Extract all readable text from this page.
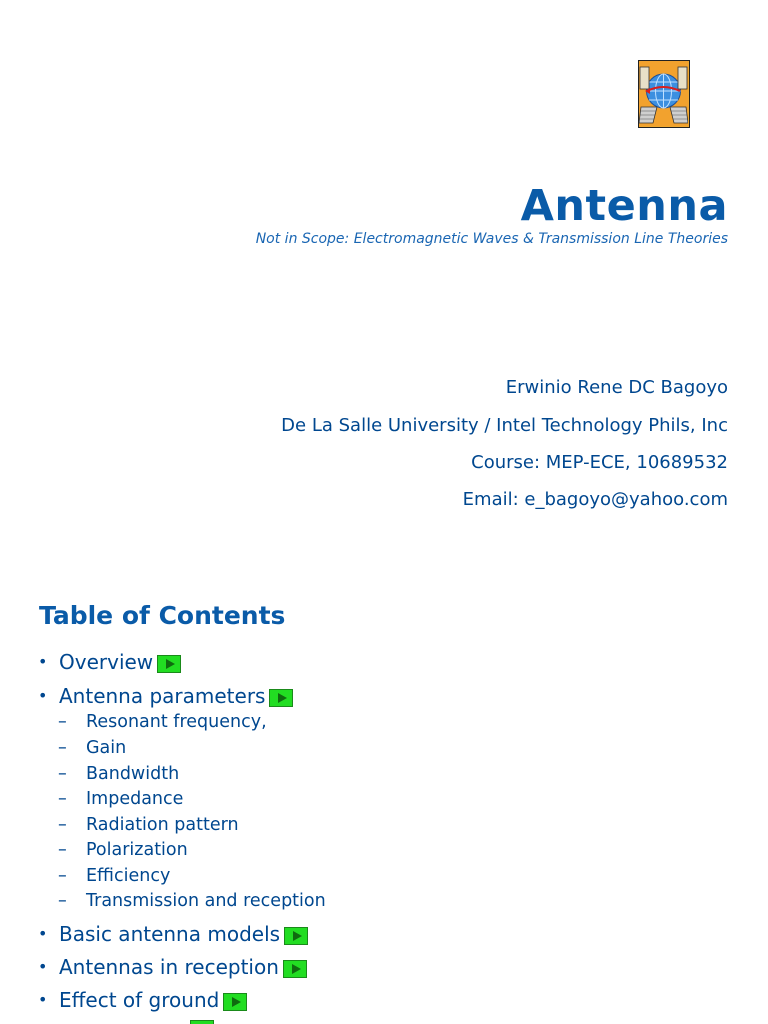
Antenna
Not in Scope: Electromagnetic Waves & Transmission Line Theories
Erwinio Rene DC Bagoyo
De La Salle University / Intel Technology Phils, Inc
Course: MEP-ECE, 10689532
Email: e_bagoyo@yahoo.com
Table of Contents
• Overview
• Antenna parameters
– Resonant frequency,
– Gain
– Bandwidth
– Impedance
– Radiation pattern
– Polarization
– Efficiency
– Transmission and reception
• Basic antenna models
• Antennas in reception
• Effect of ground
